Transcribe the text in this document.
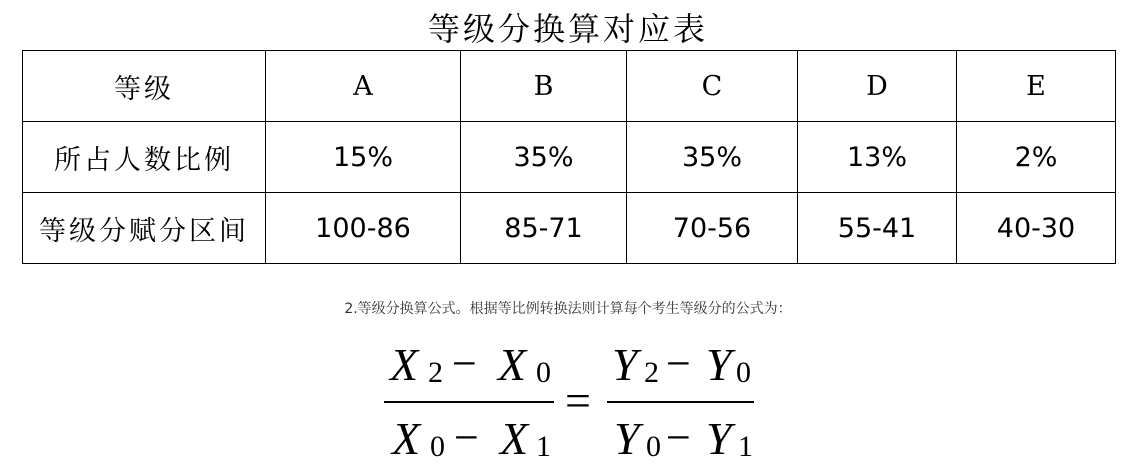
等级分换算对应表
等级	A	B	C	D	E
所占人数比例	15%	35%	35%	13%	2%
等级分赋分区间	100-86	85-71	70-56	55-41	40-30
2.等级分换算公式。根据等比例转换法则计算每个考生等级分的公式为：
X 2 − X 0
X 0 − X 1
=
Y 2 − Y 0
Y 0 − Y 1
